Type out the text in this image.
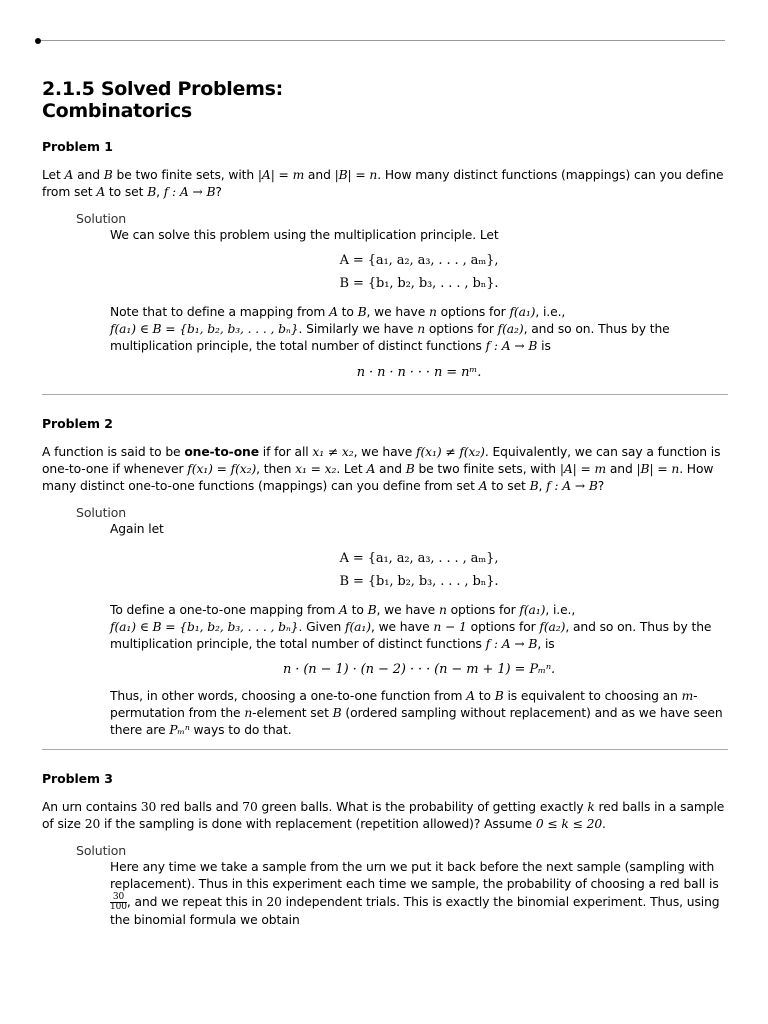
2.1.5 Solved Problems:
Combinatorics

Problem 1

Let A and B be two finite sets, with |A| = m and |B| = n. How many distinct functions (mappings) can you define from set A to set B, f : A → B?

Solution

We can solve this problem using the multiplication principle. Let

A = {a₁, a₂, a₃, . . . , aₘ},

B = {b₁, b₂, b₃, . . . , bₙ}.

Note that to define a mapping from A to B, we have n options for f(a₁), i.e.,
f(a₁) ∈ B = {b₁, b₂, b₃, . . . , bₙ}. Similarly we have n options for f(a₂), and so on. Thus by the multiplication principle, the total number of distinct functions f : A → B is

n · n · n · · · n = nᵐ.

Problem 2

A function is said to be one-to-one if for all x₁ ≠ x₂, we have f(x₁) ≠ f(x₂). Equivalently, we can say a function is one-to-one if whenever f(x₁) = f(x₂), then x₁ = x₂. Let A and B be two finite sets, with |A| = m and |B| = n. How many distinct one-to-one functions (mappings) can you define from set A to set B, f : A → B?

Solution

Again let

A = {a₁, a₂, a₃, . . . , aₘ},

B = {b₁, b₂, b₃, . . . , bₙ}.

To define a one-to-one mapping from A to B, we have n options for f(a₁), i.e.,
f(a₁) ∈ B = {b₁, b₂, b₃, . . . , bₙ}. Given f(a₁), we have n − 1 options for f(a₂), and so on. Thus by the multiplication principle, the total number of distinct functions f : A → B, is

n · (n − 1) · (n − 2) · · · (n − m + 1) = Pₘⁿ.

Thus, in other words, choosing a one-to-one function from A to B is equivalent to choosing an m-permutation from the n-element set B (ordered sampling without replacement) and as we have seen there are Pₘⁿ ways to do that.

Problem 3

An urn contains 30 red balls and 70 green balls. What is the probability of getting exactly k red balls in a sample of size 20 if the sampling is done with replacement (repetition allowed)? Assume 0 ≤ k ≤ 20.

Solution

Here any time we take a sample from the urn we put it back before the next sample (sampling with replacement). Thus in this experiment each time we sample, the probability of choosing a red ball is
$\frac{30}{100}$ , and we repeat this in 20 independent trials. This is exactly the binomial experiment. Thus, using the binomial formula we obtain
